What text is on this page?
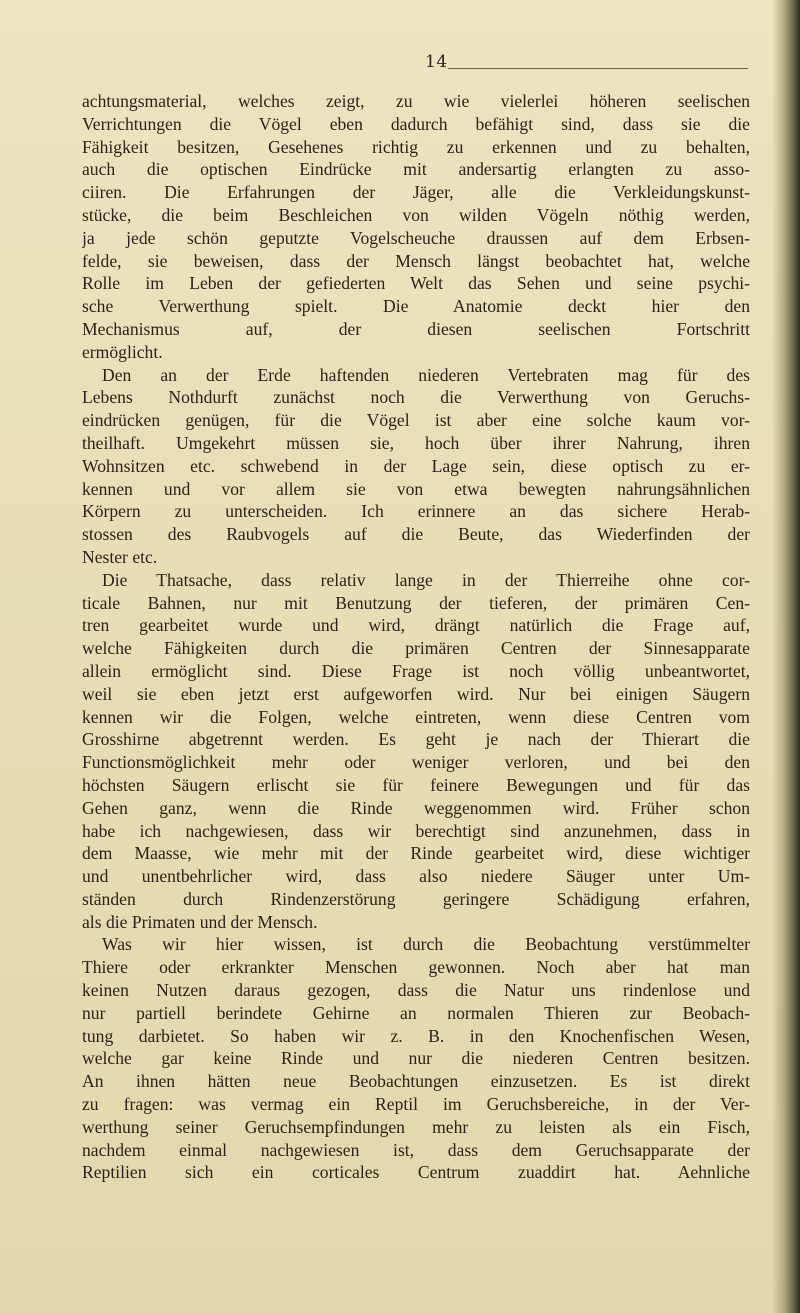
14
achtungsmaterial, welches zeigt, zu wie vielerlei höheren seelischen
Verrichtungen die Vögel eben dadurch befähigt sind, dass sie die
Fähigkeit besitzen, Gesehenes richtig zu erkennen und zu behalten,
auch die optischen Eindrücke mit andersartig erlangten zu asso-
ciiren. Die Erfahrungen der Jäger, alle die Verkleidungskunst-
stücke, die beim Beschleichen von wilden Vögeln nöthig werden,
ja jede schön geputzte Vogelscheuche draussen auf dem Erbsen-
felde, sie beweisen, dass der Mensch längst beobachtet hat, welche
Rolle im Leben der gefiederten Welt das Sehen und seine psychi-
sche Verwerthung spielt. Die Anatomie deckt hier den
Mechanismus auf, der diesen seelischen Fortschritt
ermöglicht.
Den an der Erde haftenden niederen Vertebraten mag für des
Lebens Nothdurft zunächst noch die Verwerthung von Geruchs-
eindrücken genügen, für die Vögel ist aber eine solche kaum vor-
theilhaft. Umgekehrt müssen sie, hoch über ihrer Nahrung, ihren
Wohnsitzen etc. schwebend in der Lage sein, diese optisch zu er-
kennen und vor allem sie von etwa bewegten nahrungsähnlichen
Körpern zu unterscheiden. Ich erinnere an das sichere Herab-
stossen des Raubvogels auf die Beute, das Wiederfinden der
Nester etc.
Die Thatsache, dass relativ lange in der Thierreihe ohne cor-
ticale Bahnen, nur mit Benutzung der tieferen, der primären Cen-
tren gearbeitet wurde und wird, drängt natürlich die Frage auf,
welche Fähigkeiten durch die primären Centren der Sinnesapparate
allein ermöglicht sind. Diese Frage ist noch völlig unbeantwortet,
weil sie eben jetzt erst aufgeworfen wird. Nur bei einigen Säugern
kennen wir die Folgen, welche eintreten, wenn diese Centren vom
Grosshirne abgetrennt werden. Es geht je nach der Thierart die
Functionsmöglichkeit mehr oder weniger verloren, und bei den
höchsten Säugern erlischt sie für feinere Bewegungen und für das
Gehen ganz, wenn die Rinde weggenommen wird. Früher schon
habe ich nachgewiesen, dass wir berechtigt sind anzunehmen, dass in
dem Maasse, wie mehr mit der Rinde gearbeitet wird, diese wichtiger
und unentbehrlicher wird, dass also niedere Säuger unter Um-
ständen durch Rindenzerstörung geringere Schädigung erfahren,
als die Primaten und der Mensch.
Was wir hier wissen, ist durch die Beobachtung verstümmelter
Thiere oder erkrankter Menschen gewonnen. Noch aber hat man
keinen Nutzen daraus gezogen, dass die Natur uns rindenlose und
nur partiell berindete Gehirne an normalen Thieren zur Beobach-
tung darbietet. So haben wir z. B. in den Knochenfischen Wesen,
welche gar keine Rinde und nur die niederen Centren besitzen.
An ihnen hätten neue Beobachtungen einzusetzen. Es ist direkt
zu fragen: was vermag ein Reptil im Geruchsbereiche, in der Ver-
werthung seiner Geruchsempfindungen mehr zu leisten als ein Fisch,
nachdem einmal nachgewiesen ist, dass dem Geruchsapparate der
Reptilien sich ein corticales Centrum zuaddirt hat. Aehnliche
